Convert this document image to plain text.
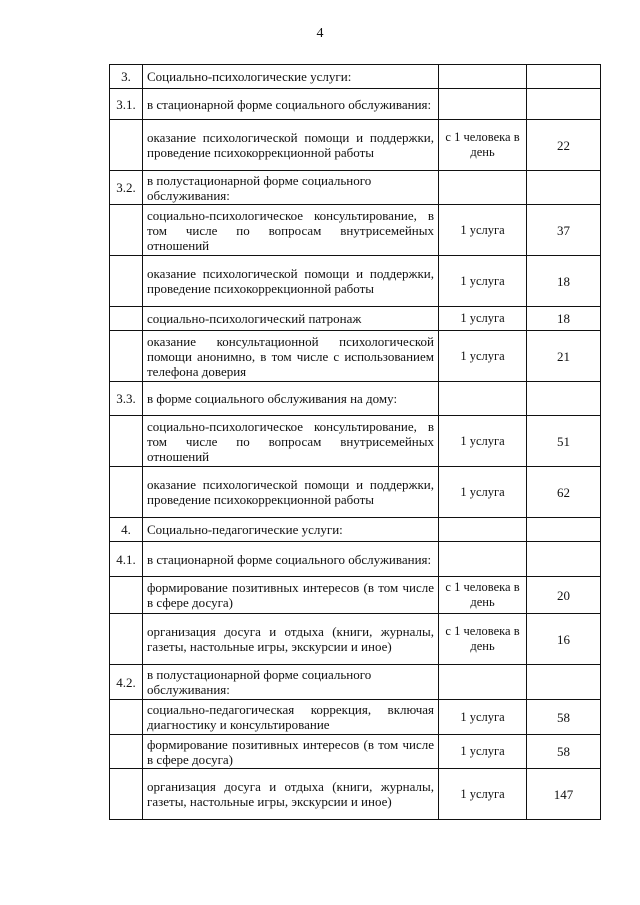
4
3.	Социально-психологические услуги:		
3.1.	в стационарной форме социального обслуживания:		
	оказание психологической помощи и поддержки, проведение психокоррекционной работы	с 1 человека в день	22
3.2.	в полустационарной форме социального обслуживания:		
	социально-психологическое консультирование, в том числе по вопросам внутрисемейных отношений	1 услуга	37
	оказание психологической помощи и поддержки, проведение психокоррекционной работы	1 услуга	18
	социально-психологический патронаж	1 услуга	18
	оказание консультационной психологической помощи анонимно, в том числе с использованием телефона доверия	1 услуга	21
3.3.	в форме социального обслуживания на дому:		
	социально-психологическое консультирование, в том числе по вопросам внутрисемейных отношений	1 услуга	51
	оказание психологической помощи и поддержки, проведение психокоррекционной работы	1 услуга	62
4.	Социально-педагогические услуги:		
4.1.	в стационарной форме социального обслуживания:		
	формирование позитивных интересов (в том числе в сфере досуга)	с 1 человека в день	20
	организация досуга и отдыха (книги, журналы, газеты, настольные игры, экскурсии и иное)	с 1 человека в день	16
4.2.	в полустационарной форме социального обслуживания:		
	социально-педагогическая коррекция, включая диагностику и консультирование	1 услуга	58
	формирование позитивных интересов (в том числе в сфере досуга)	1 услуга	58
	организация досуга и отдыха (книги, журналы, газеты, настольные игры, экскурсии и иное)	1 услуга	147
